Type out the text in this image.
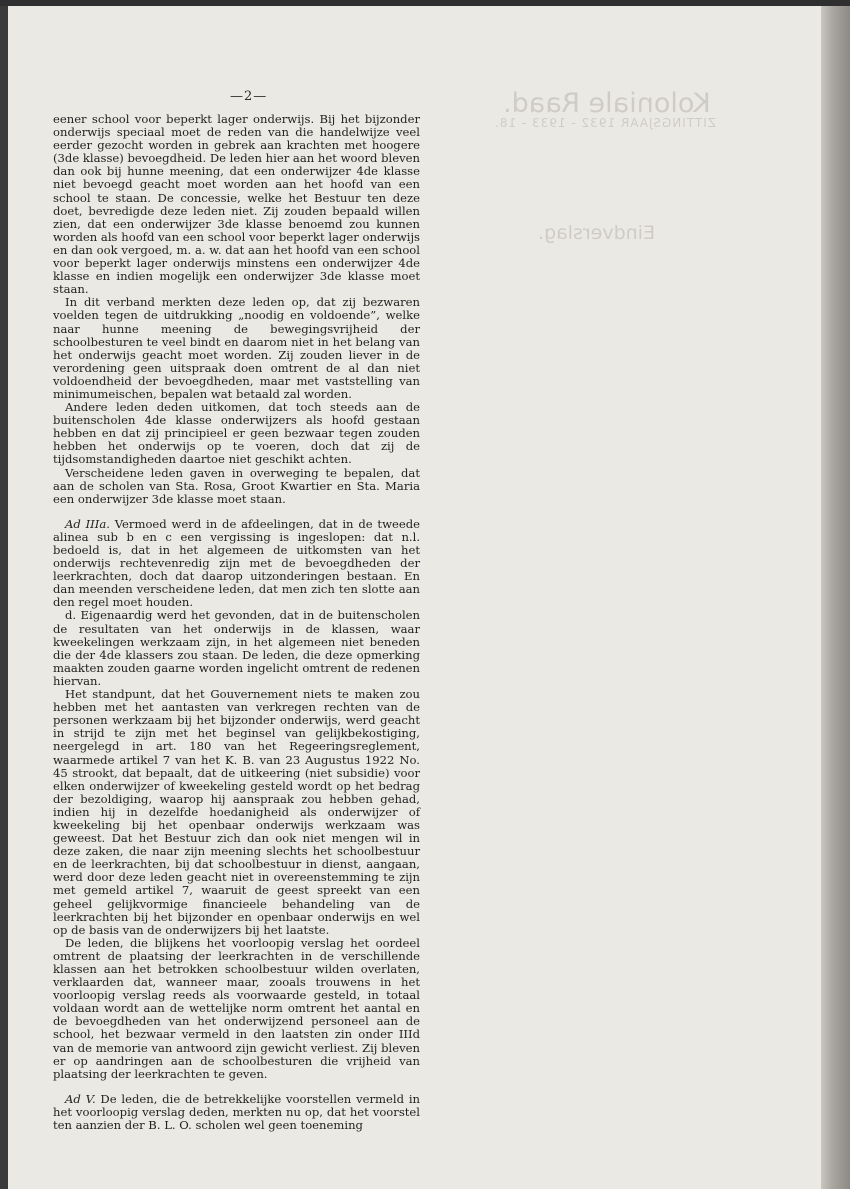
Koloniale Raad.
ZITTINGSJAAR 1932 - 1933 - 18.
Eindverslag.
—2—

eener school voor beperkt lager onderwijs. Bij het bijzonder onderwijs speciaal moet de reden van die handelwijze veel eerder gezocht worden in gebrek aan krachten met hoogere (3de klasse) bevoegdheid. De leden hier aan het woord bleven dan ook bij hunne meening, dat een onderwijzer 4de klasse niet bevoegd geacht moet worden aan het hoofd van een school te staan. De concessie, welke het Bestuur ten deze doet, bevredigde deze leden niet. Zij zouden bepaald willen zien, dat een onderwijzer 3de klasse benoemd zou kunnen worden als hoofd van een school voor beperkt lager onderwijs en dan ook vergoed, m. a. w. dat aan het hoofd van een school voor beperkt lager onderwijs minstens een onderwijzer 4de klasse en indien mogelijk een onderwijzer 3de klasse moet staan.

In dit verband merkten deze leden op, dat zij bezwaren voelden tegen de uitdrukking „noodig en voldoende”, welke naar hunne meening de bewegingsvrijheid der schoolbesturen te veel bindt en daarom niet in het belang van het onderwijs geacht moet worden. Zij zouden liever in de verordening geen uitspraak doen omtrent de al dan niet voldoendheid der bevoegdheden, maar met vaststelling van minimumeischen, bepalen wat betaald zal worden.

Andere leden deden uitkomen, dat toch steeds aan de buitenscholen 4de klasse onderwijzers als hoofd gestaan hebben en dat zij principieel er geen bezwaar tegen zouden hebben het onderwijs op te voeren, doch dat zij de tijdsomstandigheden daartoe niet geschikt achten.

Verscheidene leden gaven in overweging te bepalen, dat aan de scholen van Sta. Rosa, Groot Kwartier en Sta. Maria een onderwijzer 3de klasse moet staan.

Ad IIIa. Vermoed werd in de afdeelingen, dat in de tweede alinea sub b en c een vergissing is ingeslopen: dat n.l. bedoeld is, dat in het algemeen de uitkomsten van het onderwijs rechtevenredig zijn met de bevoegdheden der leerkrachten, doch dat daarop uitzonderingen bestaan. En dan meenden verscheidene leden, dat men zich ten slotte aan den regel moet houden.

d. Eigenaardig werd het gevonden, dat in de buitenscholen de resultaten van het onderwijs in de klassen, waar kweekelingen werkzaam zijn, in het algemeen niet beneden die der 4de klassers zou staan. De leden, die deze opmerking maakten zouden gaarne worden ingelicht omtrent de redenen hiervan.

Het standpunt, dat het Gouvernement niets te maken zou hebben met het aantasten van verkregen rechten van de personen werkzaam bij het bijzonder onderwijs, werd geacht in strijd te zijn met het beginsel van gelijkbekostiging, neergelegd in art. 180 van het Regeeringsreglement, waarmede artikel 7 van het K. B. van 23 Augustus 1922 No. 45 strookt, dat bepaalt, dat de uitkeering (niet subsidie) voor elken onderwijzer of kweekeling gesteld wordt op het bedrag der bezoldiging, waarop hij aanspraak zou hebben gehad, indien hij in dezelfde hoedanigheid als onderwijzer of kweekeling bij het openbaar onderwijs werkzaam was geweest. Dat het Bestuur zich dan ook niet mengen wil in deze zaken, die naar zijn meening slechts het schoolbestuur en de leerkrachten, bij dat schoolbestuur in dienst, aangaan, werd door deze leden geacht niet in overeenstemming te zijn met gemeld artikel 7, waaruit de geest spreekt van een geheel gelijkvormige financieele behandeling van de leerkrachten bij het bijzonder en openbaar onderwijs en wel op de basis van de onderwijzers bij het laatste.

De leden, die blijkens het voorloopig verslag het oordeel omtrent de plaatsing der leerkrachten in de verschillende klassen aan het betrokken schoolbestuur wilden overlaten, verklaarden dat, wanneer maar, zooals trouwens in het voorloopig verslag reeds als voorwaarde gesteld, in totaal voldaan wordt aan de wettelijke norm omtrent het aantal en de bevoegdheden van het onderwijzend personeel aan de school, het bezwaar vermeld in den laatsten zin onder IIId van de memorie van antwoord zijn gewicht verliest. Zij bleven er op aandringen aan de schoolbesturen die vrijheid van plaatsing der leerkrachten te geven.

Ad V. De leden, die de betrekkelijke voorstellen vermeld in het voorloopig verslag deden, merkten nu op, dat het voorstel ten aanzien der B. L. O. scholen wel geen toeneming
